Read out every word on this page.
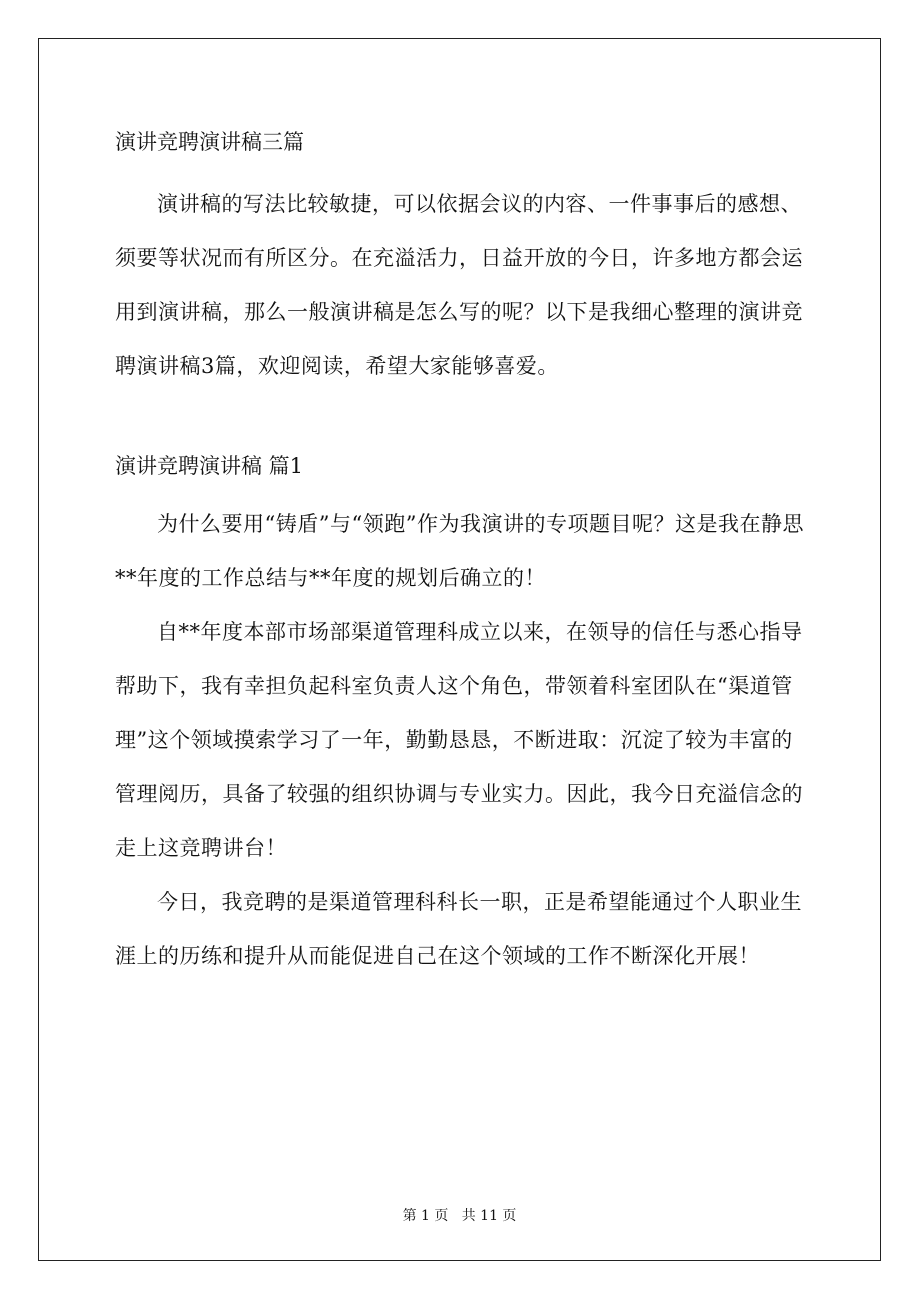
演讲竞聘演讲稿三篇

演讲稿的写法比较敏捷，可以依据会议的内容、一件事事后的感想、须要等状况而有所区分。在充溢活力，日益开放的今日，许多地方都会运用到演讲稿，那么一般演讲稿是怎么写的呢？以下是我细心整理的演讲竞聘演讲稿3篇，欢迎阅读，希望大家能够喜爱。

演讲竞聘演讲稿 篇1

为什么要用“铸盾”与“领跑”作为我演讲的专项题目呢？这是我在静思**年度的工作总结与**年度的规划后确立的！

自**年度本部市场部渠道管理科成立以来，在领导的信任与悉心指导帮助下，我有幸担负起科室负责人这个角色，带领着科室团队在“渠道管理”这个领域摸索学习了一年，勤勤恳恳，不断进取：沉淀了较为丰富的管理阅历，具备了较强的组织协调与专业实力。因此，我今日充溢信念的走上这竞聘讲台！

今日，我竞聘的是渠道管理科科长一职，正是希望能通过个人职业生涯上的历练和提升从而能促进自己在这个领域的工作不断深化开展！

第 1 页   共 11 页
